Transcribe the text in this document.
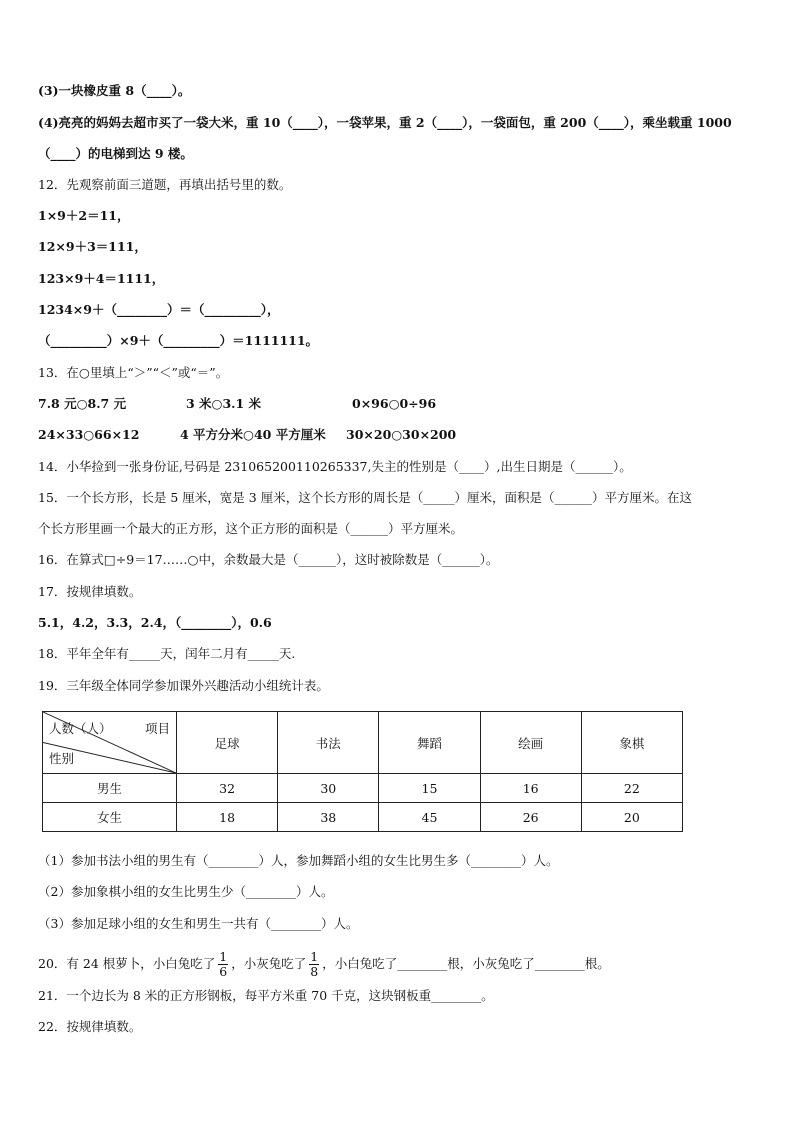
(3)一块橡皮重 8（____）。
(4)亮亮的妈妈去超市买了一袋大米，重 10（____），一袋苹果，重 2（____），一袋面包，重 200（____），乘坐载重 1000
（____）的电梯到达 9 楼。
12．先观察前面三道题，再填出括号里的数。
1×9＋2＝11，
12×9＋3＝111，
123×9＋4＝1111，
1234×9＋（________）＝（_________），
（_________）×9＋（_________）＝1111111。
13．在○里填上“＞”“＜”或“＝”。
7.8 元○8.7 元	3 米○3.1 米	0×96○0÷96
24×33○66×12	4 平方分米○40 平方厘米 30×20○30×200
14．小华捡到一张身份证,号码是 231065200110265337,失主的性别是（____）,出生日期是（______）。
15．一个长方形，长是 5 厘米，宽是 3 厘米，这个长方形的周长是（_____）厘米，面积是（______）平方厘米。在这
个长方形里画一个最大的正方形，这个正方形的面积是（______）平方厘米。
16．在算式□÷9＝17……○中，余数最大是（______），这时被除数是（______）。
17．按规律填数。
5.1，4.2，3.3，2.4，（________），0.6
18．平年全年有_____天，闰年二月有_____天.
19．三年级全体同学参加课外兴趣活动小组统计表。
人数（人） 项目
性别	足球	书法	舞蹈	绘画	象棋
男生	32	30	15	16	22
女生	18	38	45	26	20
（1）参加书法小组的男生有（________）人，参加舞蹈小组的女生比男生多（________）人。
（2）参加象棋小组的女生比男生少（________）人。
（3）参加足球小组的女生和男生一共有（________）人。
20．有 24 根萝卜，小白兔吃了 $\frac{1}{6}$ ，小灰兔吃了 $\frac{1}{8}$ ，小白兔吃了________根，小灰兔吃了________根。
21．一个边长为 8 米的正方形钢板，每平方米重 70 千克，这块钢板重________。
22．按规律填数。
